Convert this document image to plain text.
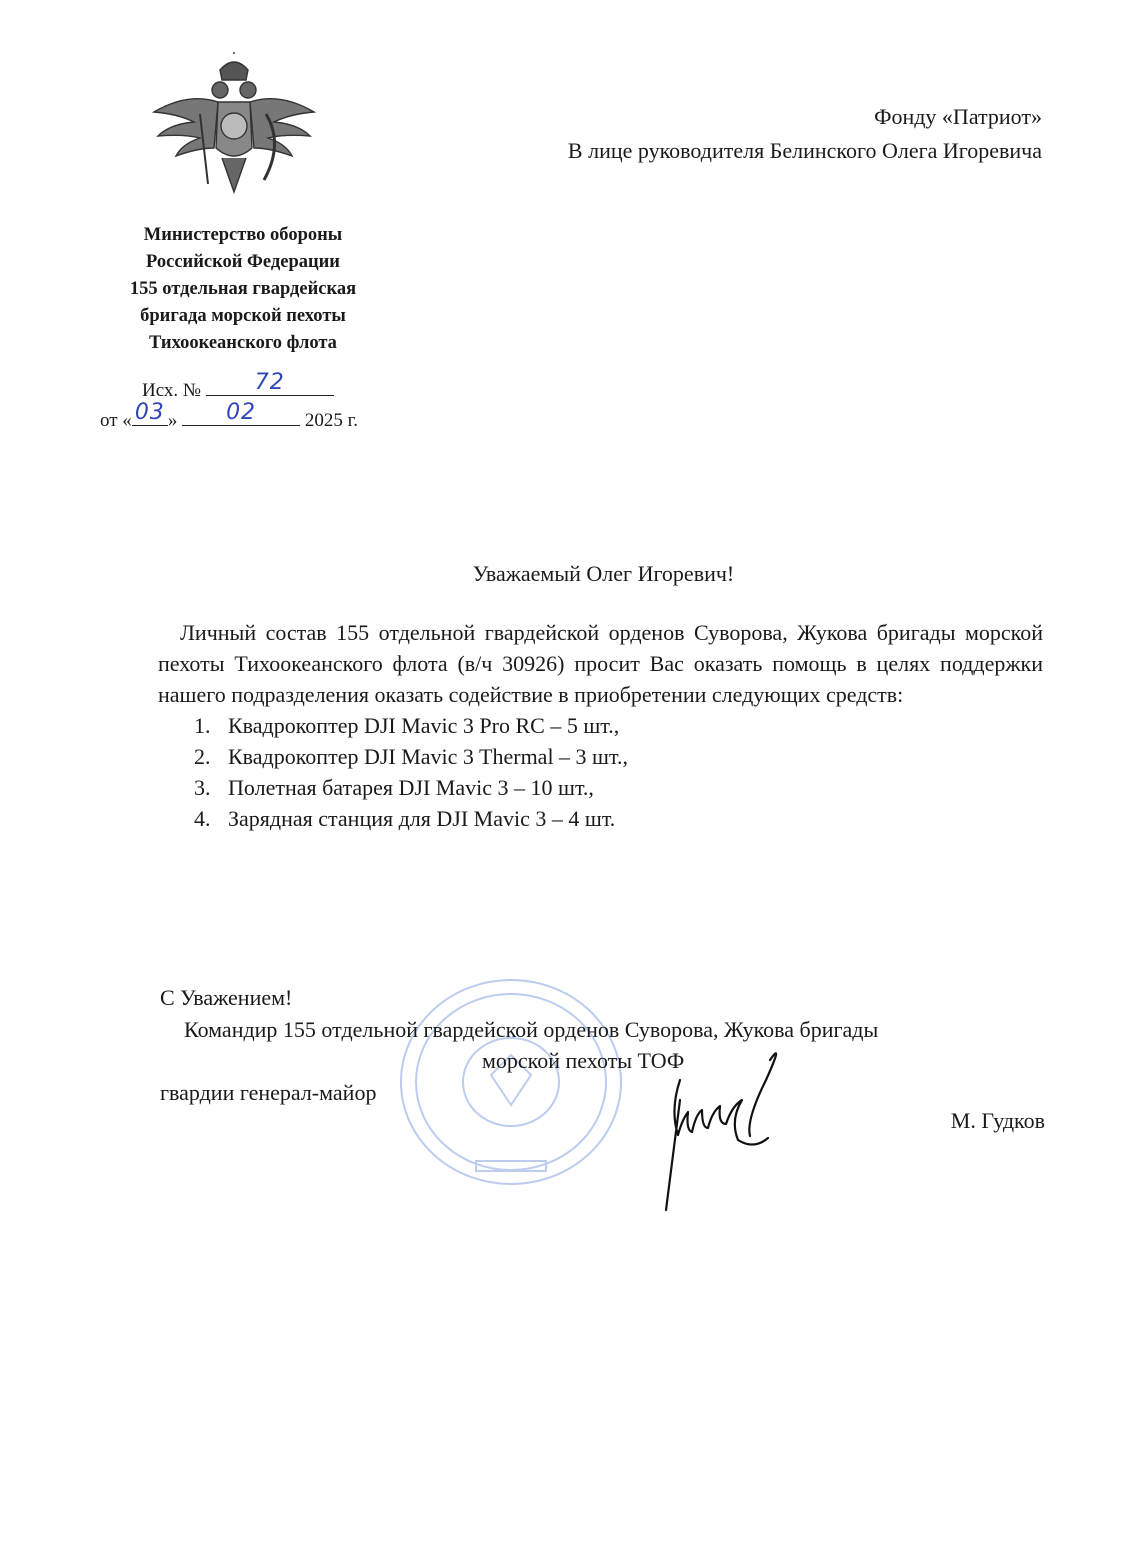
Фонду «Патриот»
В лице руководителя Белинского Олега Игоревича
Министерство обороны
Российской Федерации
155 отдельная гвардейская
бригада морской пехоты
Тихоокеанского флота
Исх. №	72
от « 03 »	02	2025 г.
Уважаемый Олег Игоревич!

Личный состав 155 отдельной гвардейской орденов Суворова, Жукова бригады морской пехоты Тихоокеанского флота (в/ч 30926) просит Вас оказать помощь в целях поддержки нашего подразделения оказать содействие в приобретении следующих средств:

1. Квадрокоптер DJI Mavic 3 Pro RC – 5 шт.,
2. Квадрокоптер DJI Mavic 3 Thermal – 3 шт.,
3. Полетная батарея DJI Mavic 3 – 10 шт.,
4. Зарядная станция для DJI Mavic 3 – 4 шт.
С Уважением!
Командир 155 отдельной гвардейской орденов Суворова, Жукова бригады
морской пехоты ТОФ
гвардии генерал-майор
М. Гудков
